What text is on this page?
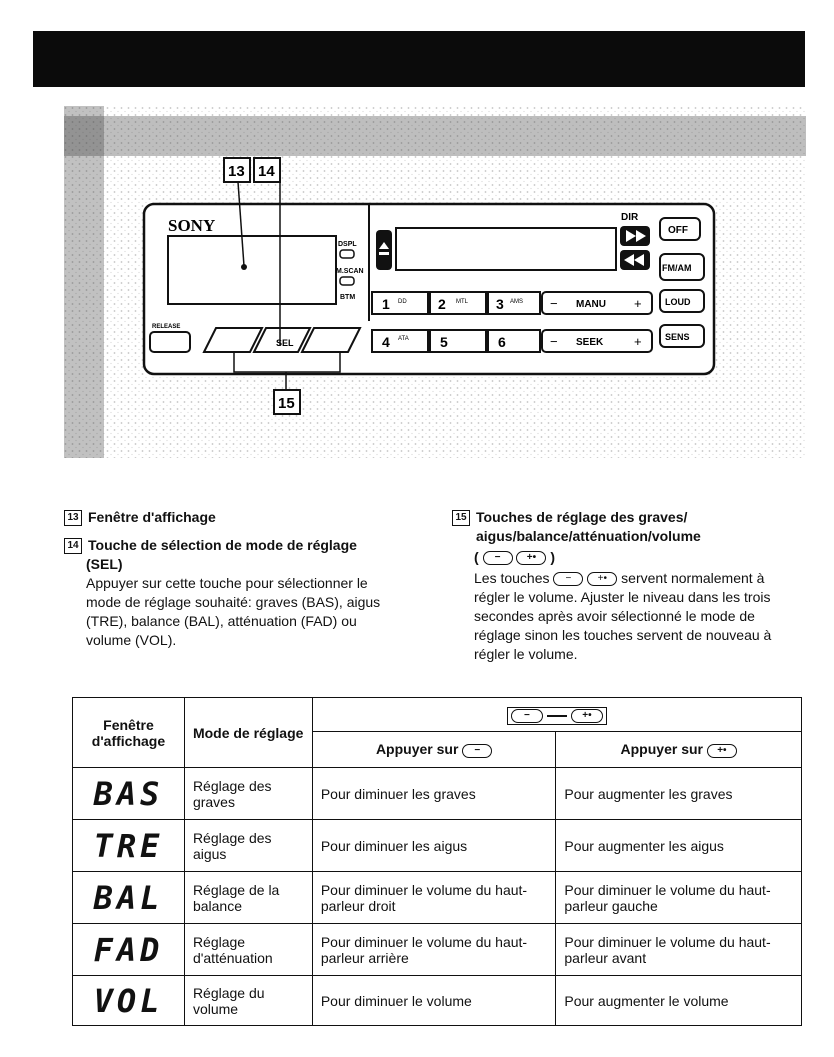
SONY
DSPL
M.SCAN
BTM
DIR
OFF
FM/AM
LOUD
SENS
1 DD 2 MTL 3 AMS − MANU +
4 ATA 5	6	− SEEK +
RELEASE
SEL
13 14
15
13 Fenêtre d'affichage
14 Touche de sélection de mode de réglage
(SEL)
Appuyer sur cette touche pour sélectionner le mode de réglage souhaité: graves (BAS), aigus (TRE), balance (BAL), atténuation (FAD) ou volume (VOL).
15 Touches de réglage des graves/ aigus/balance/atténuation/volume
( −	+• )
Les touches −	+• servent normalement à régler le volume. Ajuster le niveau dans les trois secondes après avoir sélectionné le mode de réglage sinon les touches servent de nouveau à régler le volume.
Fenêtre d'affichage	Mode de réglage	− +•	

		Appuyer sur −	Appuyer sur +•
BAS	Réglage des graves	Pour diminuer les graves	Pour augmenter les graves
TRE	Réglage des aigus	Pour diminuer les aigus	Pour augmenter les aigus
BAL	Réglage de la balance	Pour diminuer le volume du haut-parleur droit	Pour diminuer le volume du haut-parleur gauche
FAD	Réglage d'atténuation	Pour diminuer le volume du haut-parleur arrière	Pour diminuer le volume du haut-parleur avant
VOL	Réglage du volume	Pour diminuer le volume	Pour augmenter le volume
